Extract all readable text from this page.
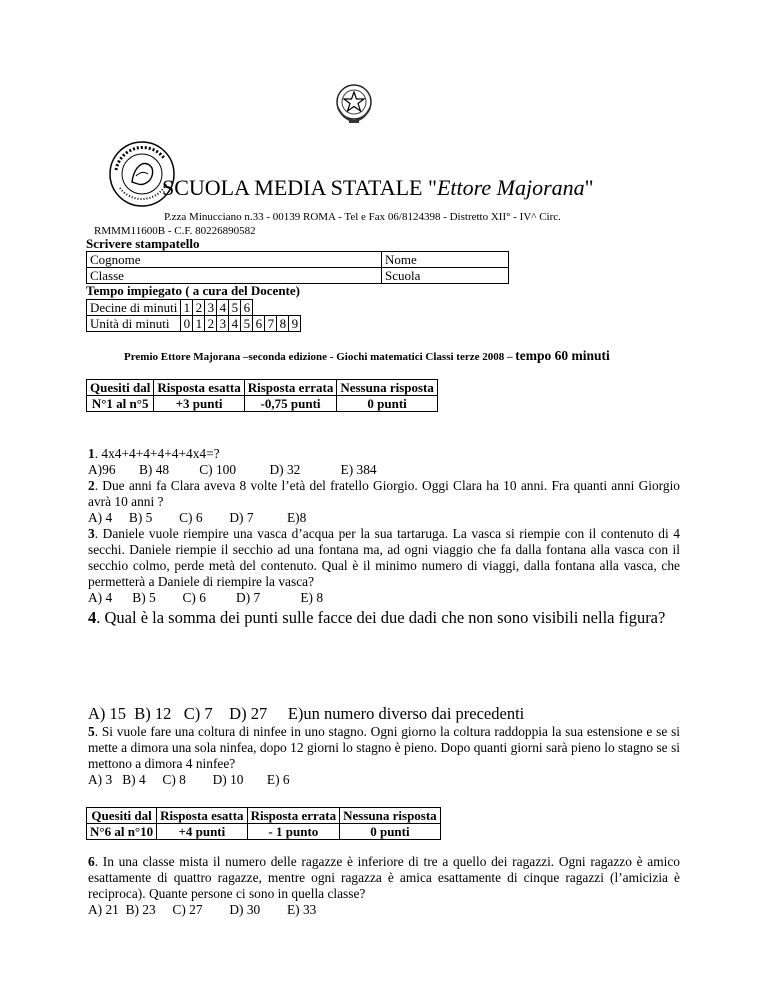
SCUOLA MEDIA STATALE "Ettore Majorana"
P.zza Minucciano n.33 - 00139 ROMA - Tel e Fax 06/8124398 - Distretto XII° - IV^ Circ.
RMMM11600B - C.F. 80226890582
Scrivere stampatello
Cognome	Nome
Classe	Scuola
Tempo impiegato ( a cura del Docente)
Decine di minuti	1	2	3	4	5	6				
Unità di minuti	0	1	2	3	4	5	6	7	8	9
Premio Ettore Majorana –seconda edizione - Giochi matematici Classi terze 2008 – tempo 60 minuti
Quesiti dal	Risposta esatta	Risposta errata	Nessuna risposta
N°1 al n°5	+3 punti	-0,75 punti	0 punti
1. 4x4+4+4+4+4+4x4=?
A)96       B) 48         C) 100          D) 32            E) 384
2. Due anni fa Clara aveva 8 volte l’età del fratello Giorgio. Oggi Clara ha 10 anni. Fra quanti anni Giorgio avrà 10 anni ?
A) 4     B) 5        C) 6        D) 7          E)8
3. Daniele vuole riempire una vasca d’acqua per la sua tartaruga. La vasca si riempie con il contenuto di 4 secchi. Daniele riempie il secchio ad una fontana ma, ad ogni viaggio che fa dalla fontana alla vasca con il secchio colmo, perde metà del contenuto. Qual è il minimo numero di viaggi, dalla fontana alla vasca, che permetterà a Daniele di riempire la vasca?
A) 4      B) 5        C) 6         D) 7            E) 8
4. Qual è la somma dei punti sulle facce dei due dadi che non sono visibili nella figura?
A) 15  B) 12   C) 7    D) 27     E)un numero diverso dai precedenti
5. Si vuole fare una coltura di ninfee in uno stagno. Ogni giorno la coltura raddoppia la sua estensione e se si mette a dimora una sola ninfea, dopo 12 giorni lo stagno è pieno. Dopo quanti giorni sarà pieno lo stagno se si mettono a dimora 4 ninfee?
A) 3   B) 4     C) 8        D) 10       E) 6
Quesiti dal	Risposta esatta	Risposta errata	Nessuna risposta
N°6 al n°10	+4 punti	- 1 punto	0 punti
6. In una classe mista il numero delle ragazze è inferiore di tre a quello dei ragazzi. Ogni ragazzo è amico esattamente di quattro ragazze, mentre ogni ragazza è amica esattamente di cinque ragazzi (l’amicizia è reciproca). Quante persone ci sono in quella classe?
A) 21  B) 23     C) 27        D) 30        E) 33
